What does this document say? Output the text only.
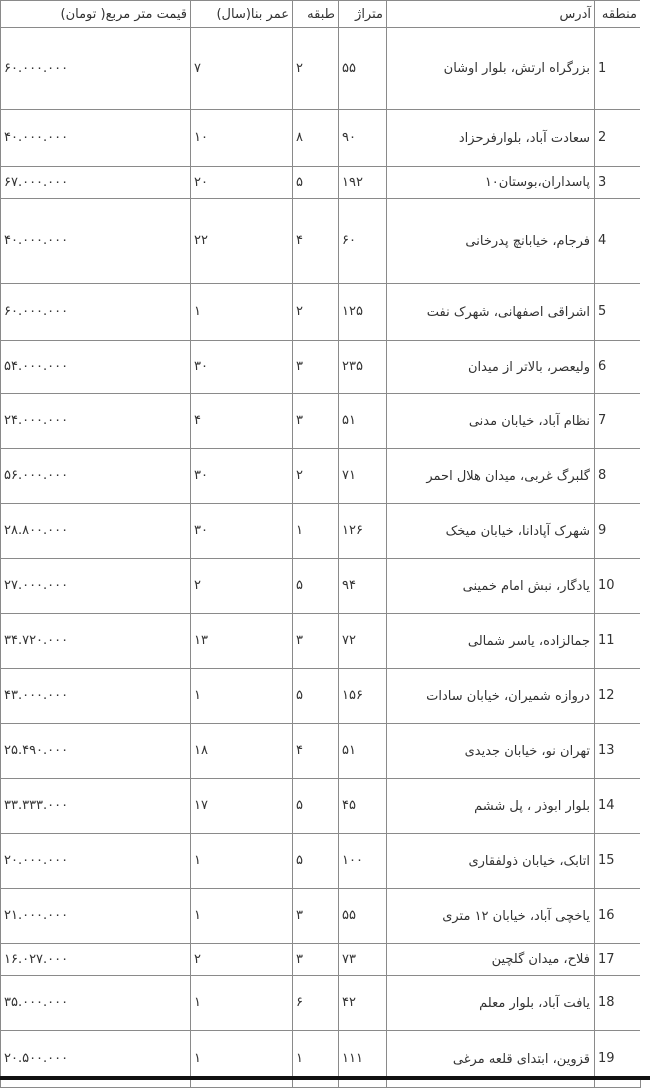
منطقه	آدرس	متراژ	طبقه	عمر بنا(سال)	قیمت متر مربع( تومان)
1	بزرگراه ارتش، بلوار اوشان	۵۵	۲	۷	۶۰.۰۰۰.۰۰۰
2	سعادت آباد، بلوارفرحزاد	۹۰	۸	۱۰	۴۰.۰۰۰.۰۰۰
3	پاسداران،بوستان۱۰	۱۹۲	۵	۲۰	۶۷.۰۰۰.۰۰۰
4	فرجام، خیابانچ پدرخانی	۶۰	۴	۲۲	۴۰.۰۰۰.۰۰۰
5	اشراقی اصفهانی، شهرک نفت	۱۲۵	۲	۱	۶۰.۰۰۰.۰۰۰
6	ولیعصر، بالاتر از میدان	۲۳۵	۳	۳۰	۵۴.۰۰۰.۰۰۰
7	نظام آباد، خیابان مدنی	۵۱	۳	۴	۲۴.۰۰۰.۰۰۰
8	گلبرگ غربی، میدان هلال احمر	۷۱	۲	۳۰	۵۶.۰۰۰.۰۰۰
9	شهرک آپادانا، خیابان میخک	۱۲۶	۱	۳۰	۲۸.۸۰۰.۰۰۰
10	یادگار، نبش امام خمینی	۹۴	۵	۲	۲۷.۰۰۰.۰۰۰
11	جمالزاده، یاسر شمالی	۷۲	۳	۱۳	۳۴.۷۲۰.۰۰۰
12	دروازه شمیران، خیابان سادات	۱۵۶	۵	۱	۴۳.۰۰۰.۰۰۰
13	تهران نو، خیابان جدیدی	۵۱	۴	۱۸	۲۵.۴۹۰.۰۰۰
14	بلوار ابوذر ، پل ششم	۴۵	۵	۱۷	۳۳.۳۳۳.۰۰۰
15	اتابک، خیابان ذولفقاری	۱۰۰	۵	۱	۲۰.۰۰۰.۰۰۰
16	یاخچی آباد، خیابان ۱۲ متری	۵۵	۳	۱	۲۱.۰۰۰.۰۰۰
17	فلاح، میدان گلچین	۷۳	۳	۲	۱۶.۰۲۷.۰۰۰
18	یافت آباد، بلوار معلم	۴۲	۶	۱	۳۵.۰۰۰.۰۰۰
19	قزوین، ابتدای قلعه مرغی	۱۱۱	۱	۱	۲۰.۵۰۰.۰۰۰
